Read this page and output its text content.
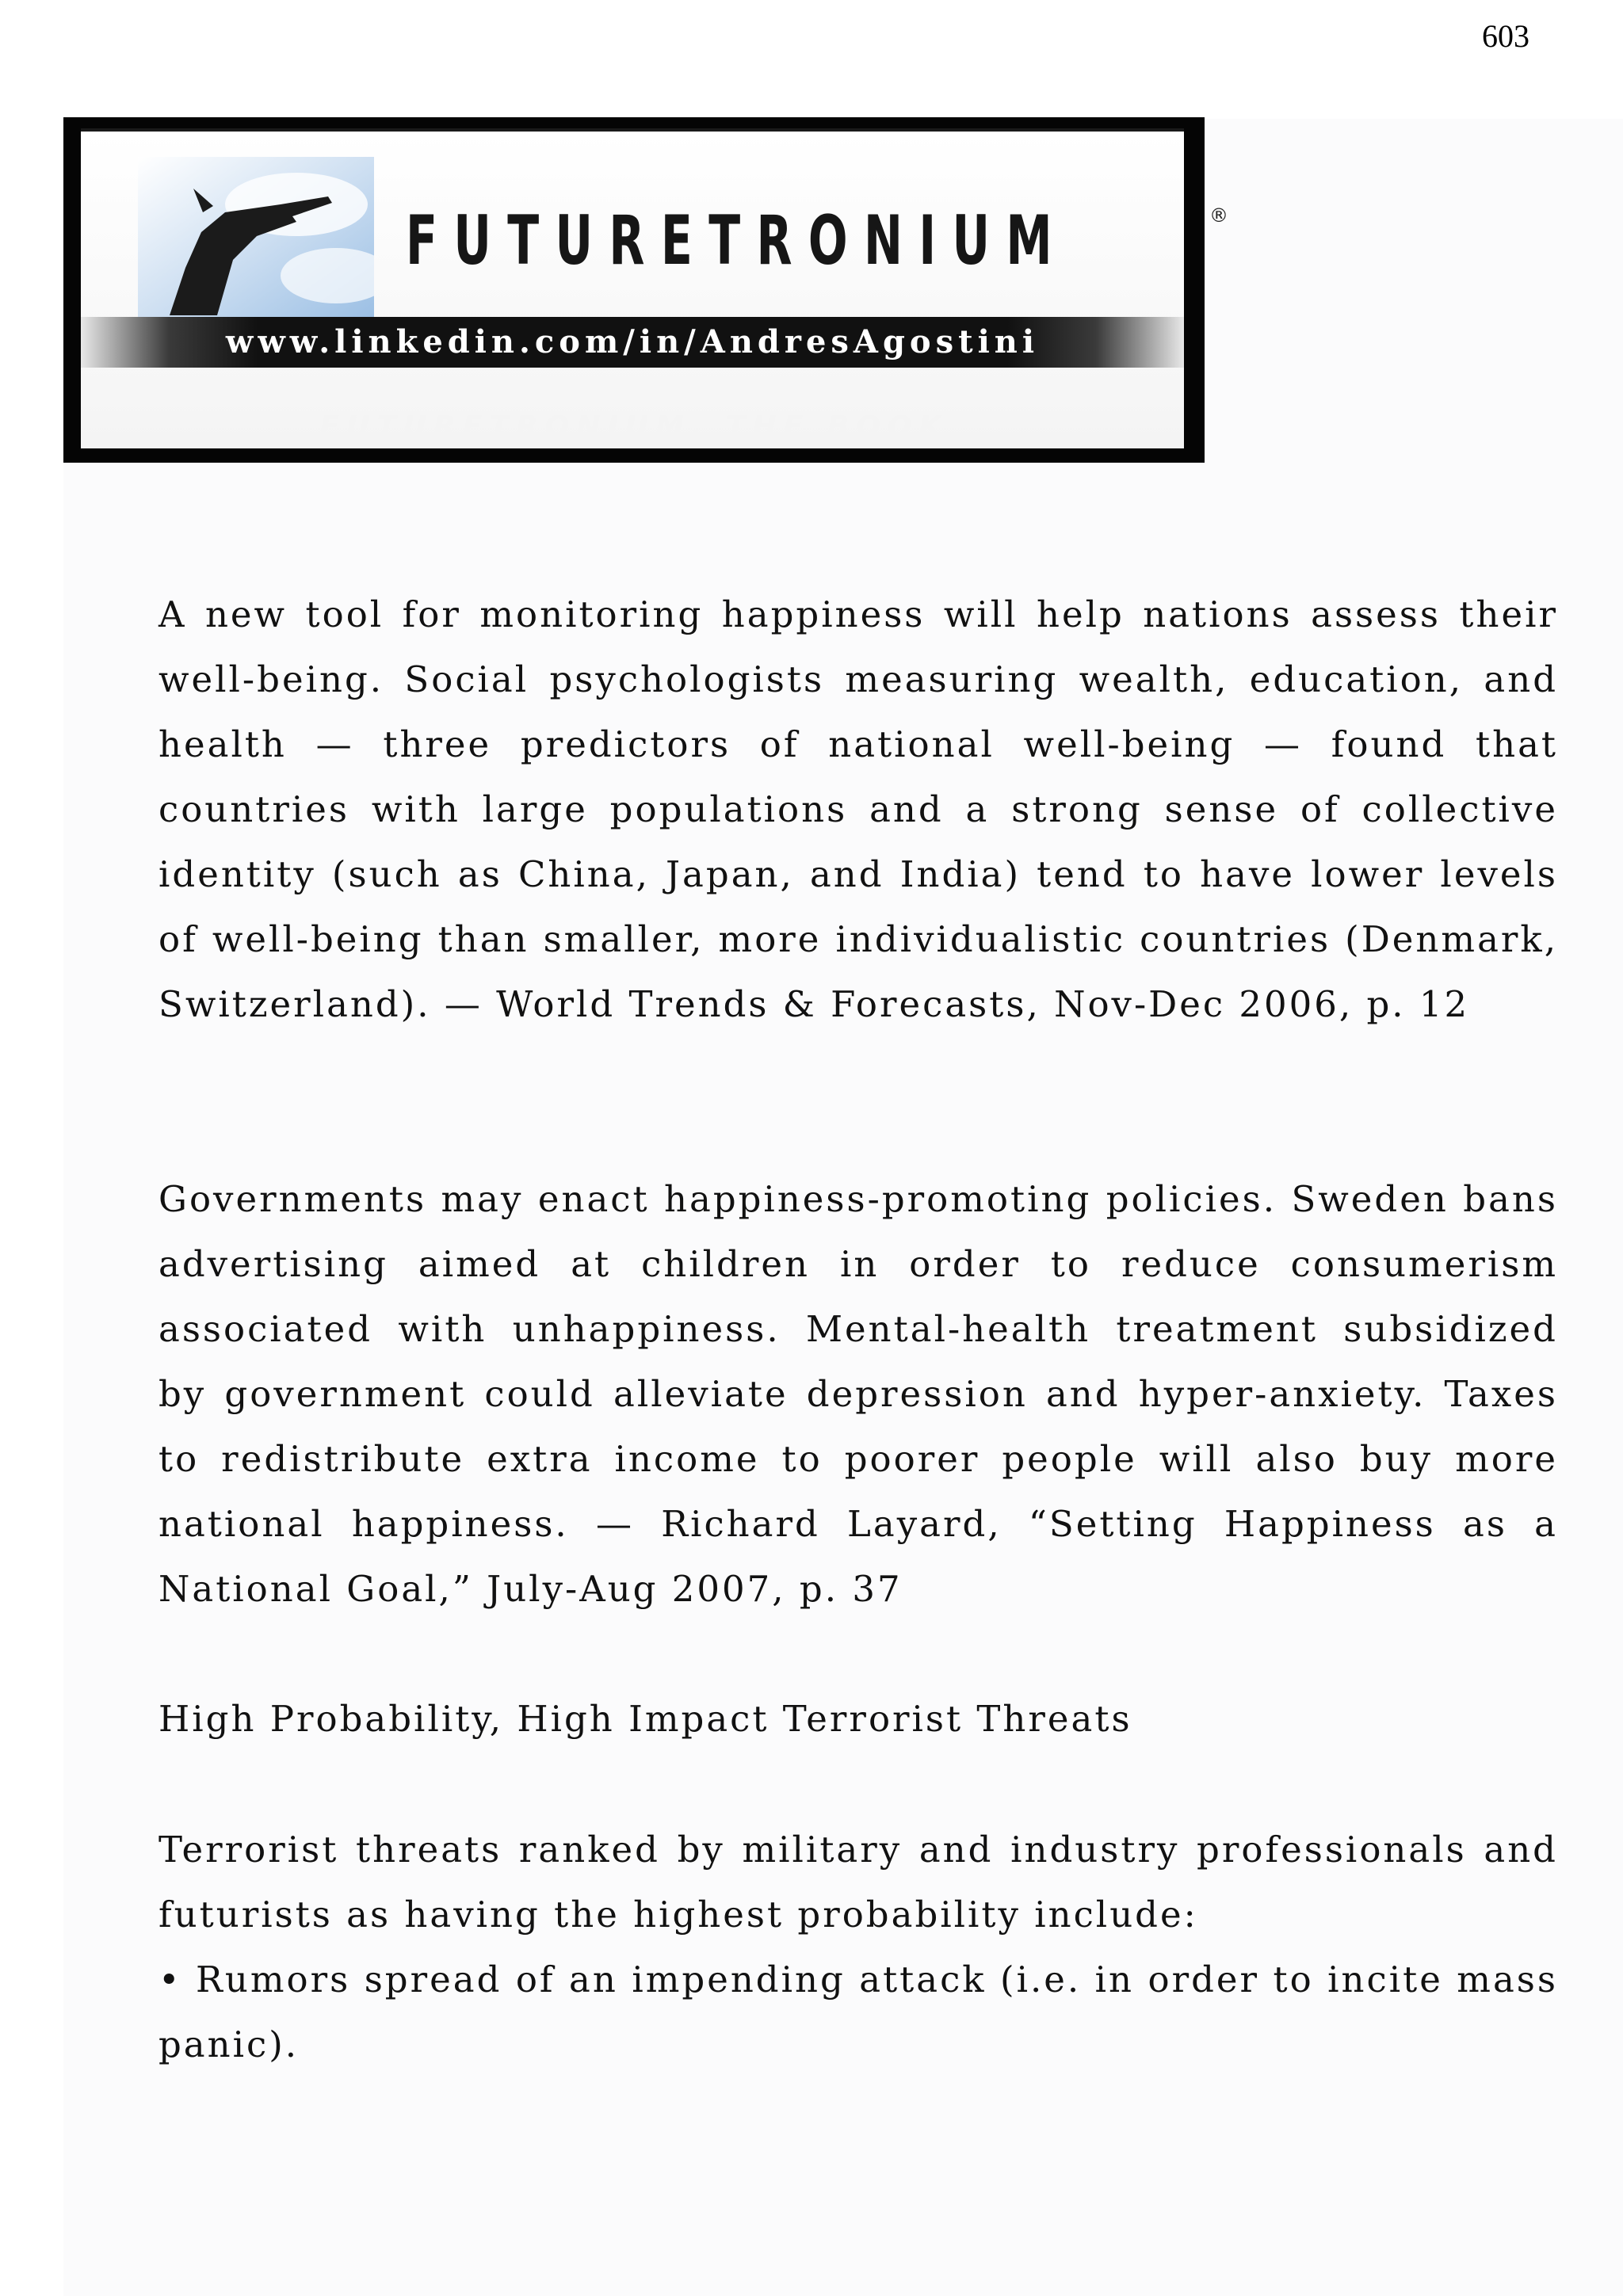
603
FUTURETRONIUM	®
www.linkedin.com/in/AndresAgostini
FUTURETRONIUM, THE BOOK

A new tool for monitoring happiness will help nations assess their well-being. Social psychologists measuring wealth, education, and health — three predictors of national well-being — found that countries with large populations and a strong sense of collective identity (such as China, Japan, and India) tend to have lower levels of well-being than smaller, more individualistic countries (Denmark, Switzerland). — World Trends & Forecasts, Nov-Dec 2006, p. 12

Governments may enact happiness-promoting policies. Sweden bans advertising aimed at children in order to reduce consumerism associated with unhappiness. Mental-health treatment subsidized by government could alleviate depression and hyper-anxiety. Taxes to redistribute extra income to poorer people will also buy more national happiness. — Richard Layard, “Setting Happiness as a National Goal,” July-Aug 2007, p. 37

High Probability, High Impact Terrorist Threats

Terrorist threats ranked by military and industry professionals and futurists as having the highest probability include:
• Rumors spread of an impending attack (i.e. in order to incite mass panic).
